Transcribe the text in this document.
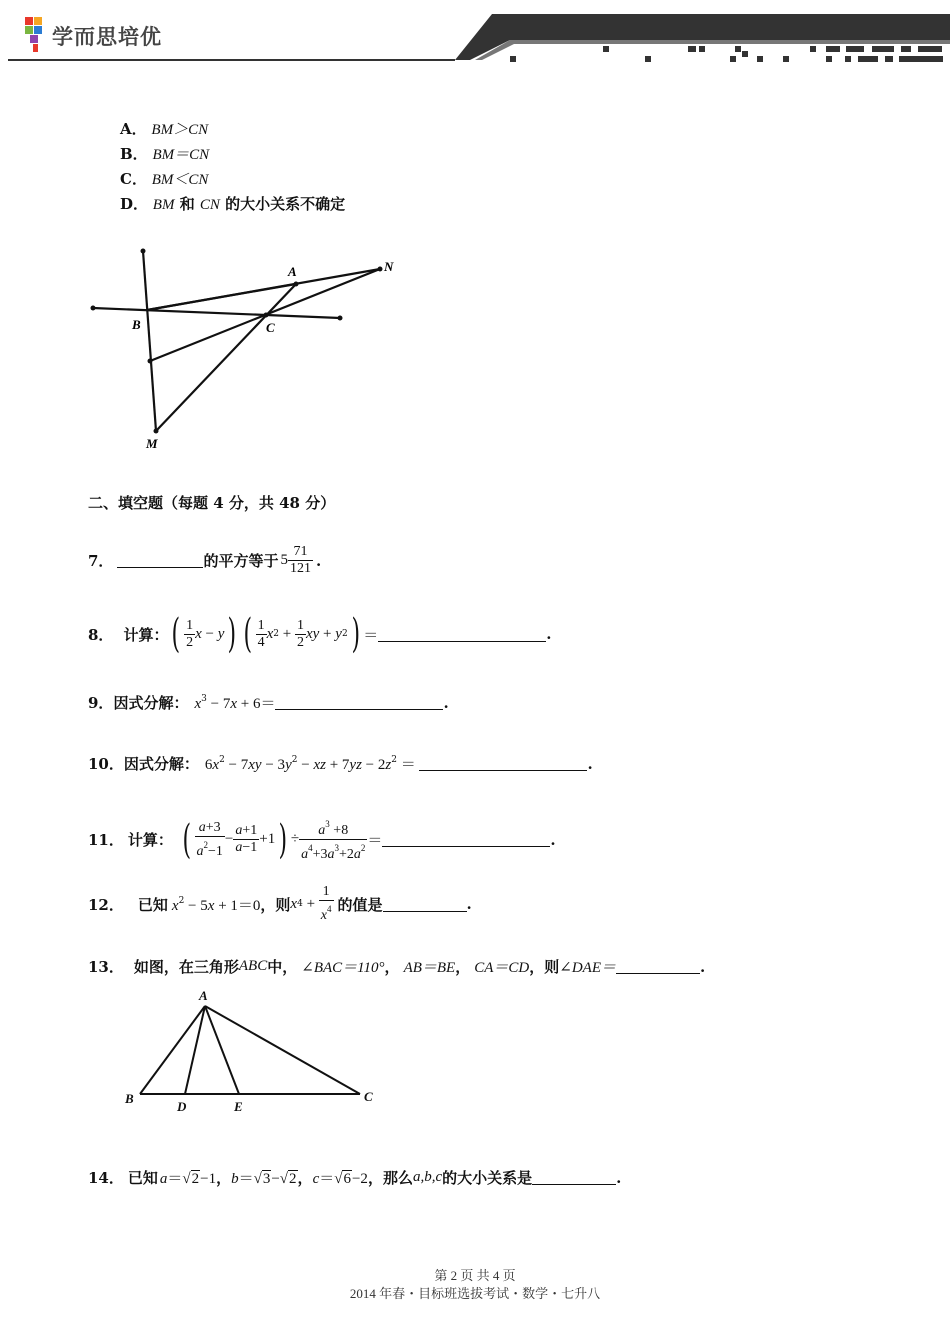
学而思培优
A． BM＞CN
B． BM＝CN
C． BM＜CN
D． BM 和 CN 的大小关系不确定
A	N
B	C
M
二、填空题（每题 4 分，共 48 分）
7．	的平方等于 $5 \frac{71}{121}$ .
8． 计算： ( $\frac{1}{2}$ x − y ) ( $\frac{1}{4}$ x $2 + \frac{1}{2}$ xy + y 2 ) ＝	.
9． 因式分解： $x^3 - 7x + 6=$	.
10． 因式分解： $6x^2 - 7xy - 3y^2$ − xz + $7yz - 2z^2$ ＝	.
11． 计算： ( $\frac{a+3}{a^2-1} - \frac{a+1}{a-1} +1$ ) ÷ $\frac{a^3 +8}{a^4+3a^3+2a^2}$ ＝	.
12． 已知 $x^2 - 5x + 1=0$ ，则 x $4 + \frac{1}{x^4}$ 的值是	.
13． 如图，在三角形 ABC 中， ∠BAC＝110° ， AB＝BE ， CA＝CD ，则 ∠DAE＝	.
A
B	C
D	E
14． 已知 a＝√2−1 ， b＝√3−√2 ， c＝√6−2 ，那么 a,b,c 的大小关系是	.
第 2 页 共 4 页
2014 年春・目标班选拔考试・数学・七升八
